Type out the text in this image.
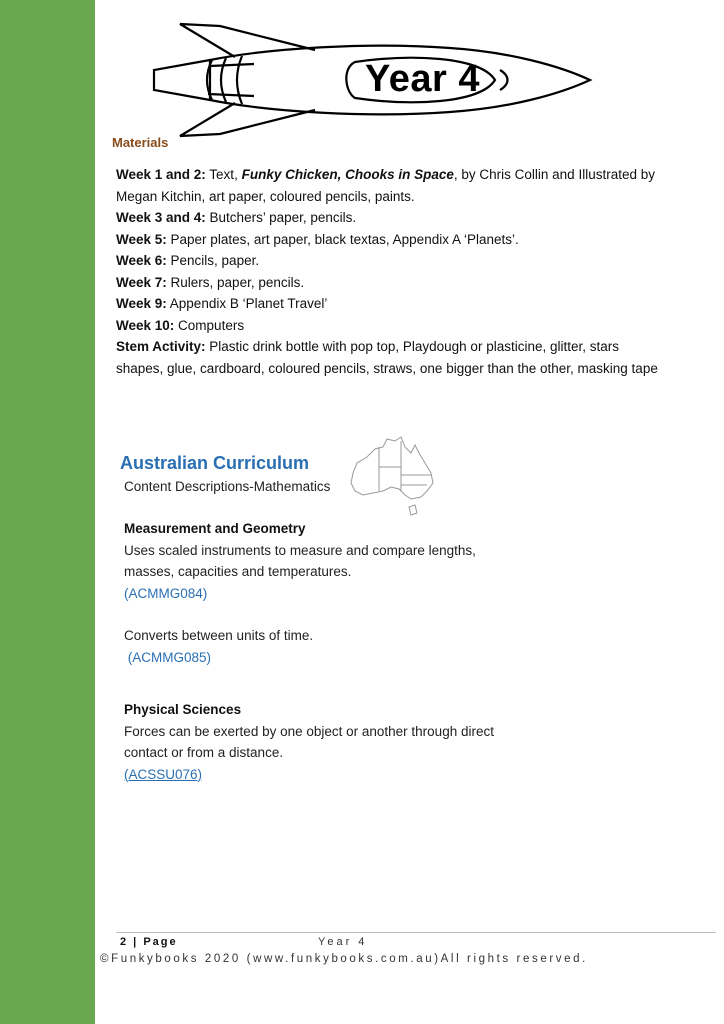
Year 4
Materials
Week 1 and 2: Text, Funky Chicken, Chooks in Space, by Chris Collin and Illustrated by
Megan Kitchin, art paper, coloured pencils, paints.
Week 3 and 4: Butchers’ paper, pencils.
Week 5: Paper plates, art paper, black textas, Appendix A ‘Planets’.
Week 6: Pencils, paper.
Week 7: Rulers, paper, pencils.
Week 9: Appendix B ‘Planet Travel’
Week 10: Computers
Stem Activity: Plastic drink bottle with pop top, Playdough or plasticine, glitter, stars
shapes, glue, cardboard, coloured pencils, straws, one bigger than the other, masking tape
Australian Curriculum
Content Descriptions-Mathematics
Measurement and Geometry
Uses scaled instruments to measure and compare lengths,
masses, capacities and temperatures.
(ACMMG084)
Converts between units of time.
(ACMMG085)
Physical Sciences
Forces can be exerted by one object or another through direct
contact or from a distance.
(ACSSU076)
2 | Page	Year 4
©Funkybooks 2020 (www.funkybooks.com.au)All rights reserved.
